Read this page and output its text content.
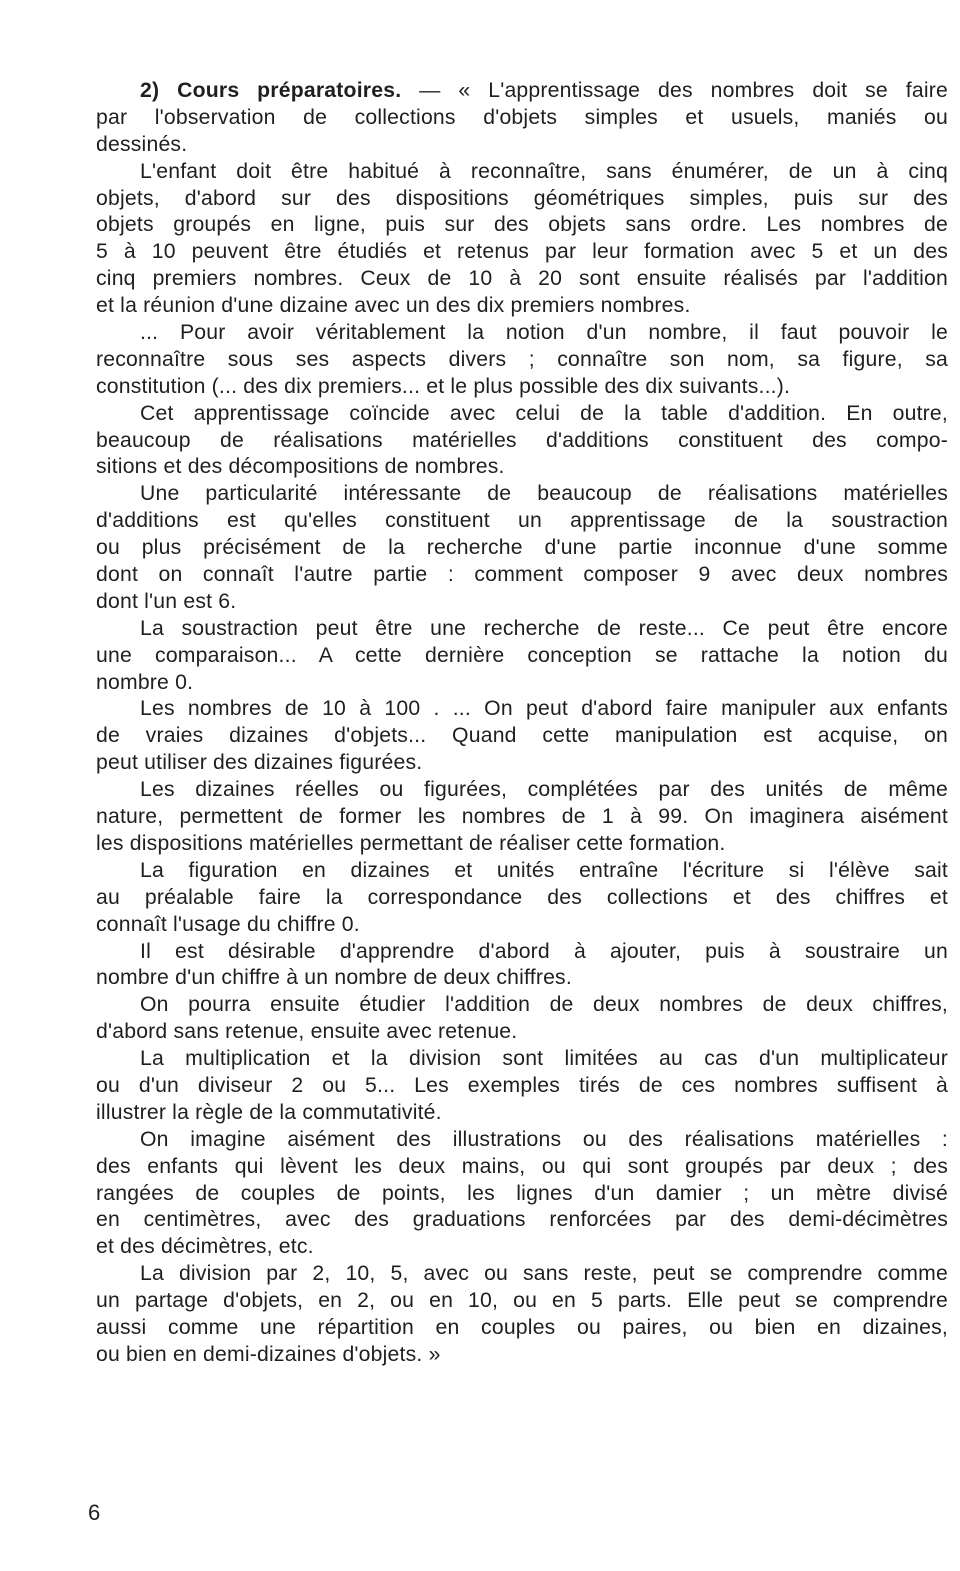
2) Cours préparatoires. — « L'apprentissage des nombres doit se faire
par l'observation de collections d'objets simples et usuels, maniés ou
dessinés.
L'enfant doit être habitué à reconnaître, sans énumérer, de un à cinq
objets, d'abord sur des dispositions géométriques simples, puis sur des
objets groupés en ligne, puis sur des objets sans ordre. Les nombres de
5 à 10 peuvent être étudiés et retenus par leur formation avec 5 et un des
cinq premiers nombres. Ceux de 10 à 20 sont ensuite réalisés par l'addition
et la réunion d'une dizaine avec un des dix premiers nombres.
... Pour avoir véritablement la notion d'un nombre, il faut pouvoir le
reconnaître sous ses aspects divers ; connaître son nom, sa figure, sa
constitution (... des dix premiers... et le plus possible des dix suivants...).
Cet apprentissage coïncide avec celui de la table d'addition. En outre,
beaucoup de réalisations matérielles d'additions constituent des compo-
sitions et des décompositions de nombres.
Une particularité intéressante de beaucoup de réalisations matérielles
d'additions est qu'elles constituent un apprentissage de la soustraction
ou plus précisément de la recherche d'une partie inconnue d'une somme
dont on connaît l'autre partie : comment composer 9 avec deux nombres
dont l'un est 6.
La soustraction peut être une recherche de reste... Ce peut être encore
une comparaison... A cette dernière conception se rattache la notion du
nombre 0.
Les nombres de 10 à 100 . ... On peut d'abord faire manipuler aux enfants
de vraies dizaines d'objets... Quand cette manipulation est acquise, on
peut utiliser des dizaines figurées.
Les dizaines réelles ou figurées, complétées par des unités de même
nature, permettent de former les nombres de 1 à 99. On imaginera aisément
les dispositions matérielles permettant de réaliser cette formation.
La figuration en dizaines et unités entraîne l'écriture si l'élève sait
au préalable faire la correspondance des collections et des chiffres et
connaît l'usage du chiffre 0.
Il est désirable d'apprendre d'abord à ajouter, puis à soustraire un
nombre d'un chiffre à un nombre de deux chiffres.
On pourra ensuite étudier l'addition de deux nombres de deux chiffres,
d'abord sans retenue, ensuite avec retenue.
La multiplication et la division sont limitées au cas d'un multiplicateur
ou d'un diviseur 2 ou 5... Les exemples tirés de ces nombres suffisent à
illustrer la règle de la commutativité.
On imagine aisément des illustrations ou des réalisations matérielles :
des enfants qui lèvent les deux mains, ou qui sont groupés par deux ; des
rangées de couples de points, les lignes d'un damier ; un mètre divisé
en centimètres, avec des graduations renforcées par des demi-décimètres
et des décimètres, etc.
La division par 2, 10, 5, avec ou sans reste, peut se comprendre comme
un partage d'objets, en 2, ou en 10, ou en 5 parts. Elle peut se comprendre
aussi comme une répartition en couples ou paires, ou bien en dizaines,
ou bien en demi-dizaines d'objets. »
6
